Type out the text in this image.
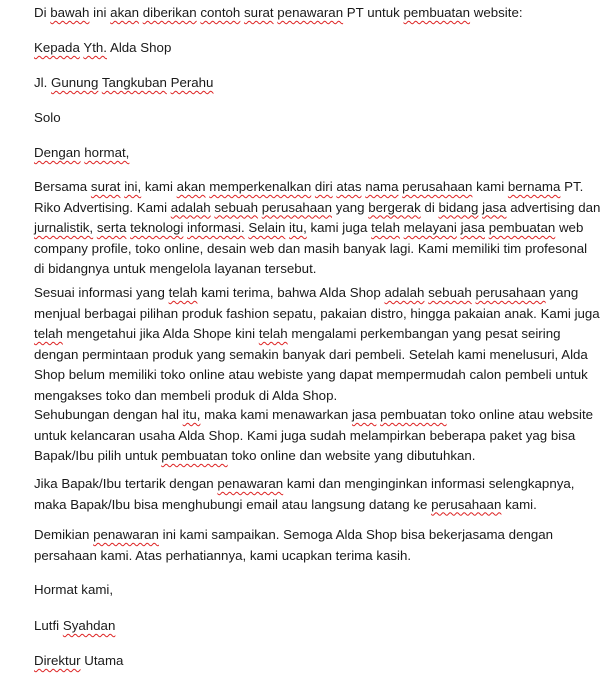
Di bawah ini akan diberikan contoh surat penawaran PT untuk pembuatan website:

Kepada Yth. Alda Shop

Jl. Gunung Tangkuban Perahu

Solo

Dengan hormat,

Bersama surat ini, kami akan memperkenalkan diri atas nama perusahaan kami bernama PT.
Riko Advertising. Kami adalah sebuah perusahaan yang bergerak di bidang jasa advertising dan
jurnalistik, serta teknologi informasi. Selain itu, kami juga telah melayani jasa pembuatan web
company profile, toko online, desain web dan masih banyak lagi. Kami memiliki tim profesonal
di bidangnya untuk mengelola layanan tersebut.

Sesuai informasi yang telah kami terima, bahwa Alda Shop adalah sebuah perusahaan yang
menjual berbagai pilihan produk fashion sepatu, pakaian distro, hingga pakaian anak. Kami juga
telah mengetahui jika Alda Shope kini telah mengalami perkembangan yang pesat seiring
dengan permintaan produk yang semakin banyak dari pembeli. Setelah kami menelusuri, Alda
Shop belum memiliki toko online atau webiste yang dapat mempermudah calon pembeli untuk
mengakses toko dan membeli produk di Alda Shop.

Sehubungan dengan hal itu, maka kami menawarkan jasa pembuatan toko online atau website
untuk kelancaran usaha Alda Shop. Kami juga sudah melampirkan beberapa paket yag bisa
Bapak/Ibu pilih untuk pembuatan toko online dan website yang dibutuhkan.

Jika Bapak/Ibu tertarik dengan penawaran kami dan menginginkan informasi selengkapnya,
maka Bapak/Ibu bisa menghubungi email atau langsung datang ke perusahaan kami.

Demikian penawaran ini kami sampaikan. Semoga Alda Shop bisa bekerjasama dengan
persahaan kami. Atas perhatiannya, kami ucapkan terima kasih.

Hormat kami,

Lutfi Syahdan

Direktur Utama
